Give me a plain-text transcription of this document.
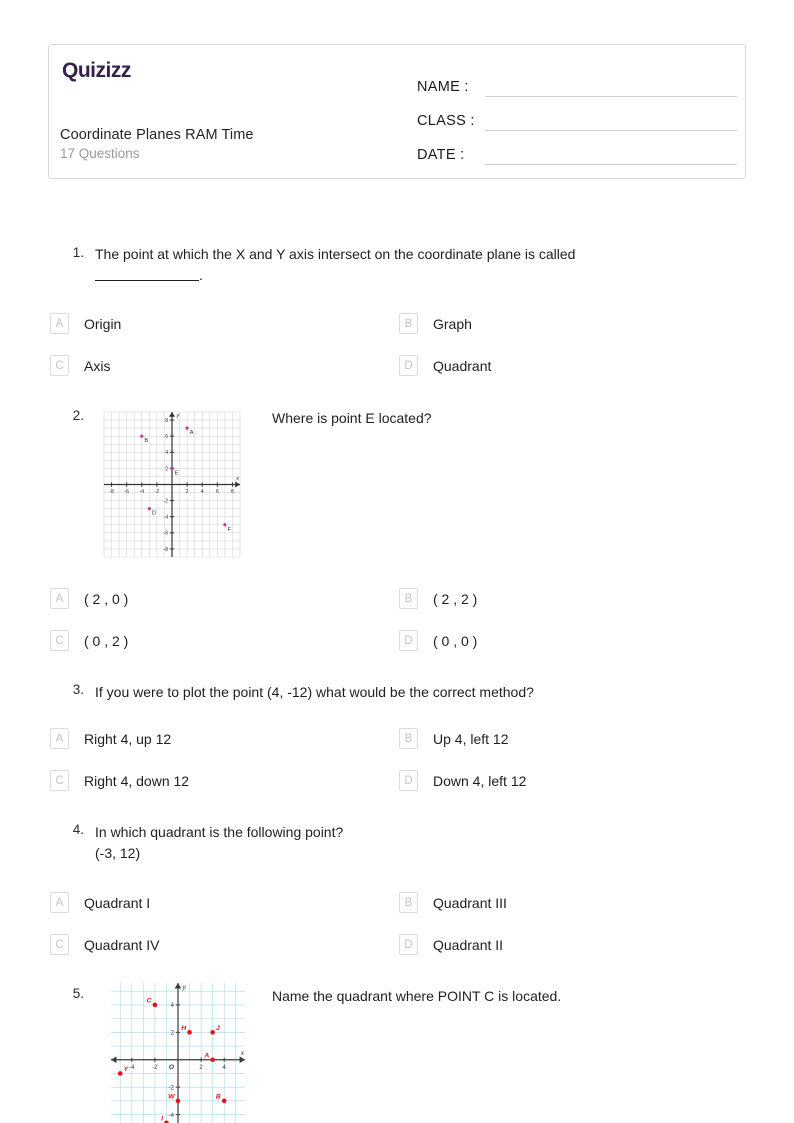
Quizizz
Coordinate Planes RAM Time
17 Questions
NAME :
CLASS :
DATE :
1. The point at which the X and Y axis intersect on the coordinate plane is called
.
A	Origin	B	Graph
C	Axis	D	Quadrant
2.	Where is point E located?
-8 -6 -4 -2	2 4 6 8
8
6
4
2
-2
-4
-6
-8
x
y
A
B
E
D
F
A	( 2 , 0 )	B	( 2 , 2 )
C	( 0 , 2 )	D	( 0 , 0 )
3. If you were to plot the point (4, -12) what would be the correct method?
A	Right 4, up 12	B	Up 4, left 12
C	Right 4, down 12	D	Down 4, left 12
4. In which quadrant is the following point?
(-3, 12)
A	Quadrant I	B	Quadrant III
C	Quadrant IV	D	Quadrant II
5.	Name the quadrant where POINT C is located.
-4	-2	2	4
4
2
-2
-4
x
y
O
C
H	J
A
Y
W	B
I
